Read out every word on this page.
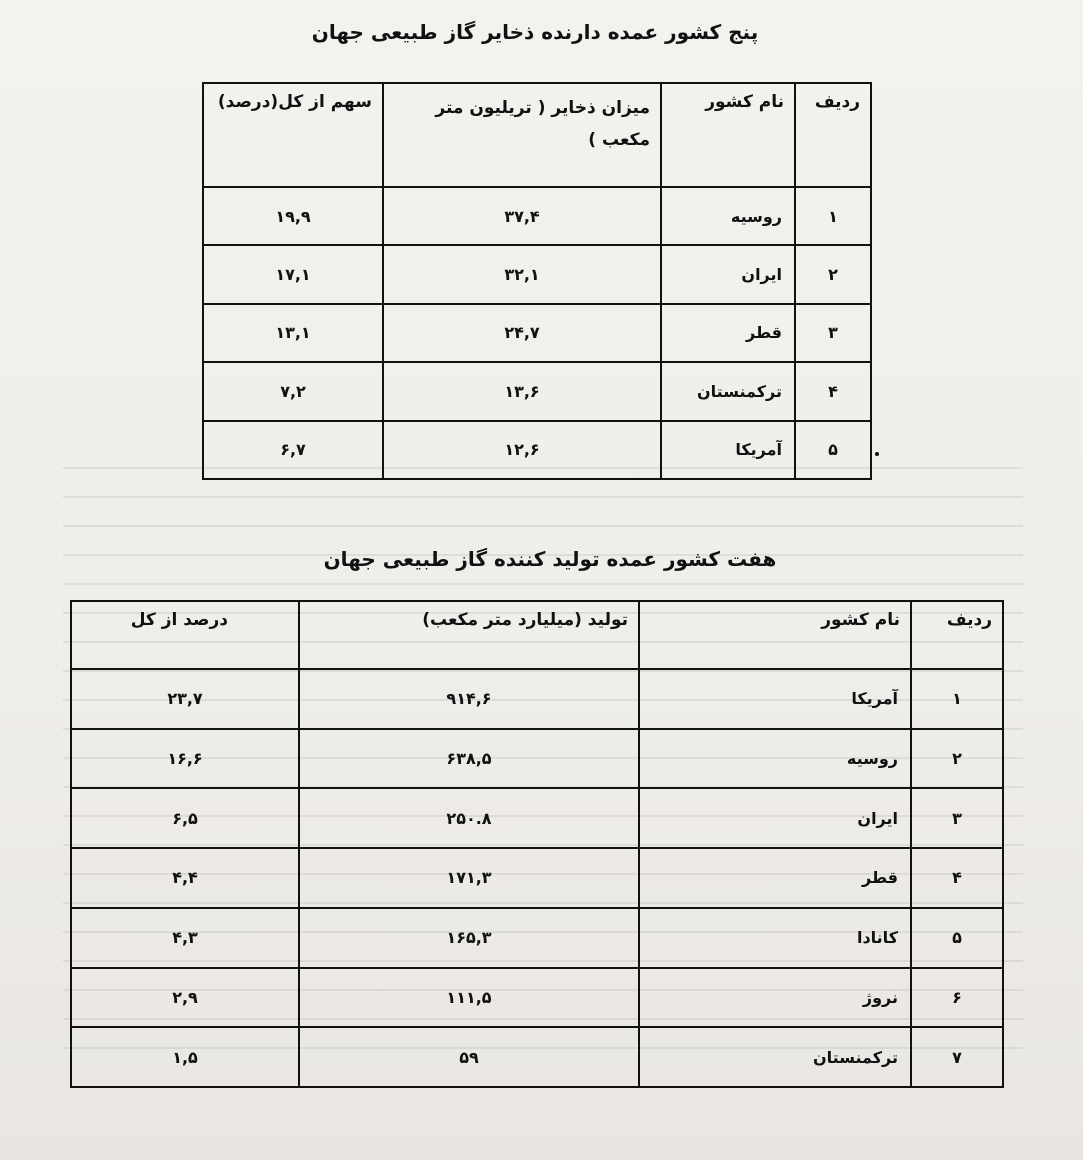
پنج کشور عمده دارنده ذخایر گاز طبیعی جهان
ردیف	نام کشور	میزان ذخایر ( تریلیون متر مکعب )	سهم از کل(درصد)
۱	روسیه	۳۷,۴	۱۹,۹
۲	ایران	۳۲,۱	۱۷,۱
۳	قطر	۲۴,۷	۱۳,۱
۴	ترکمنستان	۱۳,۶	۷,۲
۵	آمریکا	۱۲,۶	۶,۷
هفت کشور عمده تولید کننده گاز طبیعی جهان
ردیف	نام کشور	تولید (میلیارد متر مکعب)	درصد از کل
۱	آمریکا	۹۱۴,۶	۲۳,۷
۲	روسیه	۶۳۸,۵	۱۶,۶
۳	ایران	۲۵۰.۸	۶,۵
۴	قطر	۱۷۱,۳	۴,۴
۵	کانادا	۱۶۵,۳	۴,۳
۶	نروژ	۱۱۱,۵	۲,۹
۷	ترکمنستان	۵۹	۱,۵
